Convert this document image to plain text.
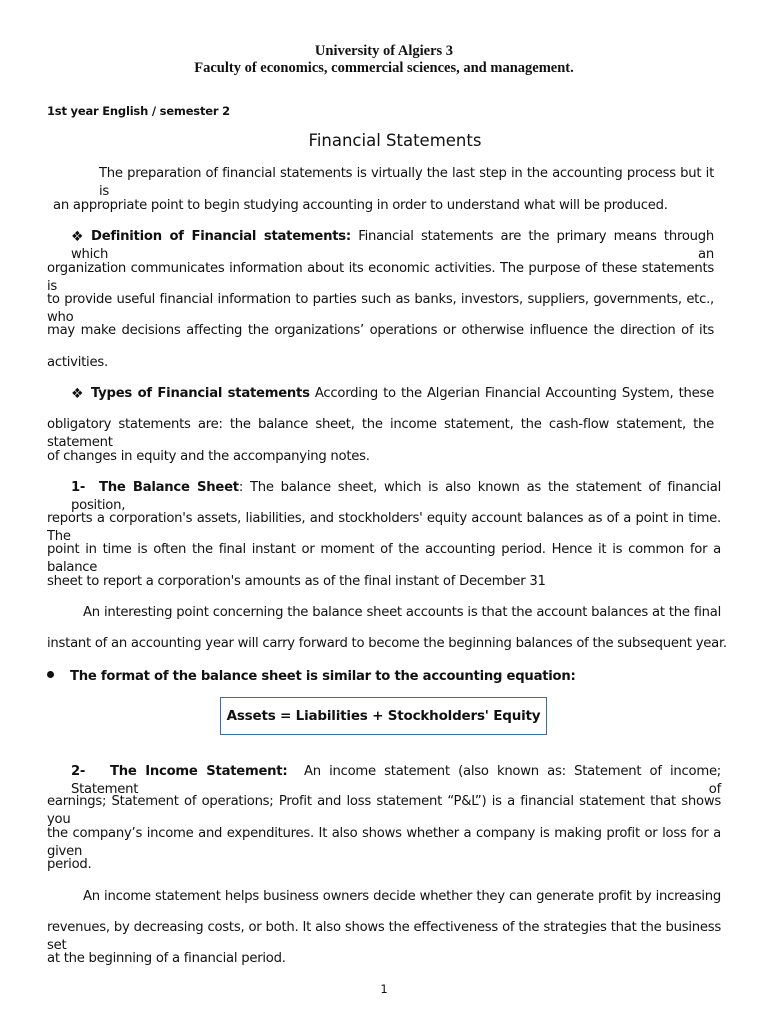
University of Algiers 3
Faculty of economics, commercial sciences, and management.
1st year English / semester 2
Financial Statements
The preparation of financial statements is virtually the last step in the accounting process but it is
an appropriate point to begin studying accounting in order to understand what will be produced.
❖ Definition of Financial statements: Financial statements are the primary means through which an
organization communicates information about its economic activities. The purpose of these statements is
to provide useful financial information to parties such as banks, investors, suppliers, governments, etc., who
may make decisions affecting the organizations’ operations or otherwise influence the direction of its
activities.
❖ Types of Financial statements According to the Algerian Financial Accounting System, these
obligatory statements are: the balance sheet, the income statement, the cash-flow statement, the statement
of changes in equity and the accompanying notes.
1- The Balance Sheet: The balance sheet, which is also known as the statement of financial position,
reports a corporation's assets, liabilities, and stockholders' equity account balances as of a point in time. The
point in time is often the final instant or moment of the accounting period. Hence it is common for a balance
sheet to report a corporation's amounts as of the final instant of December 31
An interesting point concerning the balance sheet accounts is that the account balances at the final
instant of an accounting year will carry forward to become the beginning balances of the subsequent year.
The format of the balance sheet is similar to the accounting equation:
Assets = Liabilities + Stockholders' Equity
2- The Income Statement: An income statement (also known as: Statement of income; Statement of
earnings; Statement of operations; Profit and loss statement “P&L”) is a financial statement that shows you
the company’s income and expenditures. It also shows whether a company is making profit or loss for a given
period.
An income statement helps business owners decide whether they can generate profit by increasing
revenues, by decreasing costs, or both. It also shows the effectiveness of the strategies that the business set
at the beginning of a financial period.
1
